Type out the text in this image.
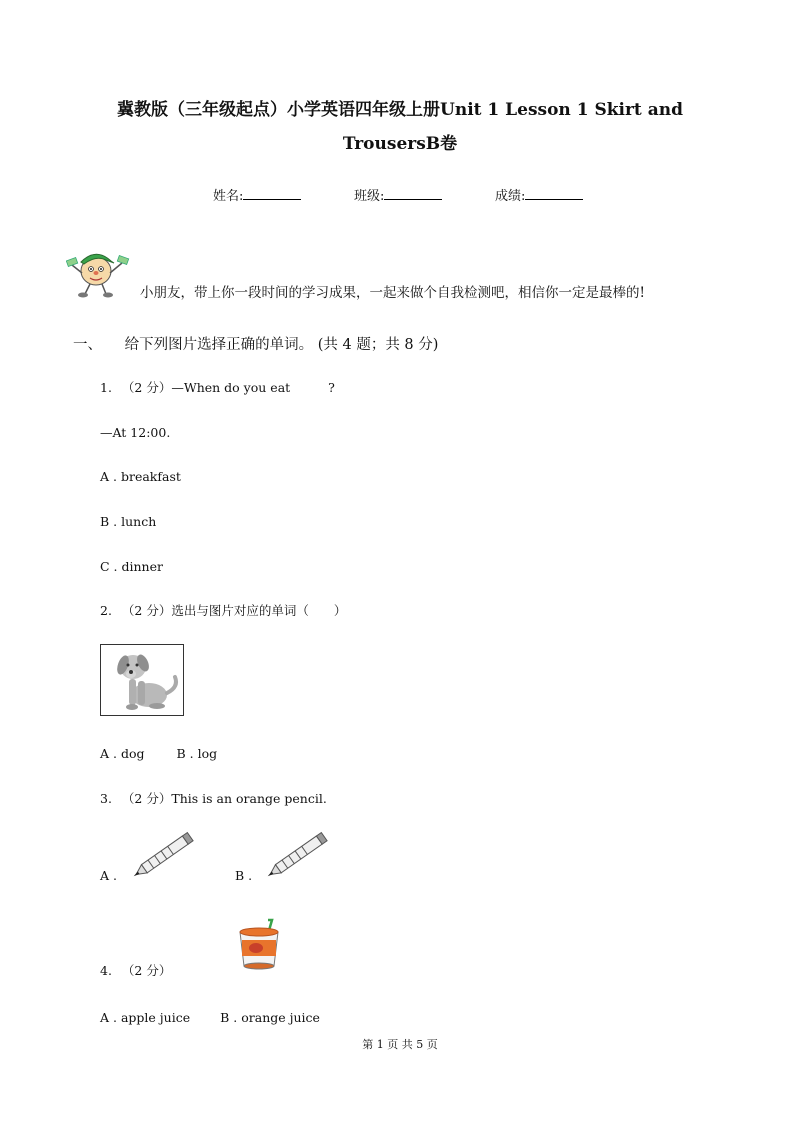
冀教版（三年级起点）小学英语四年级上册Unit 1 Lesson 1 Skirt and
TrousersB卷
姓名:	班级:	成绩:
小朋友，带上你一段时间的学习成果，一起来做个自我检测吧，相信你一定是最棒的!
一、 给下列图片选择正确的单词。 (共 4 题；共 8 分)
1. （2 分）—When do you eat	?
—At 12:00.
A . breakfast
B . lunch
C . dinner
2. （2 分）选出与图片对应的单词（　　）
A . dog	B . log
3. （2 分）This is an orange pencil.
A .	B .
4. （2 分）
A . apple juice B . orange juice
第 1 页 共 5 页
